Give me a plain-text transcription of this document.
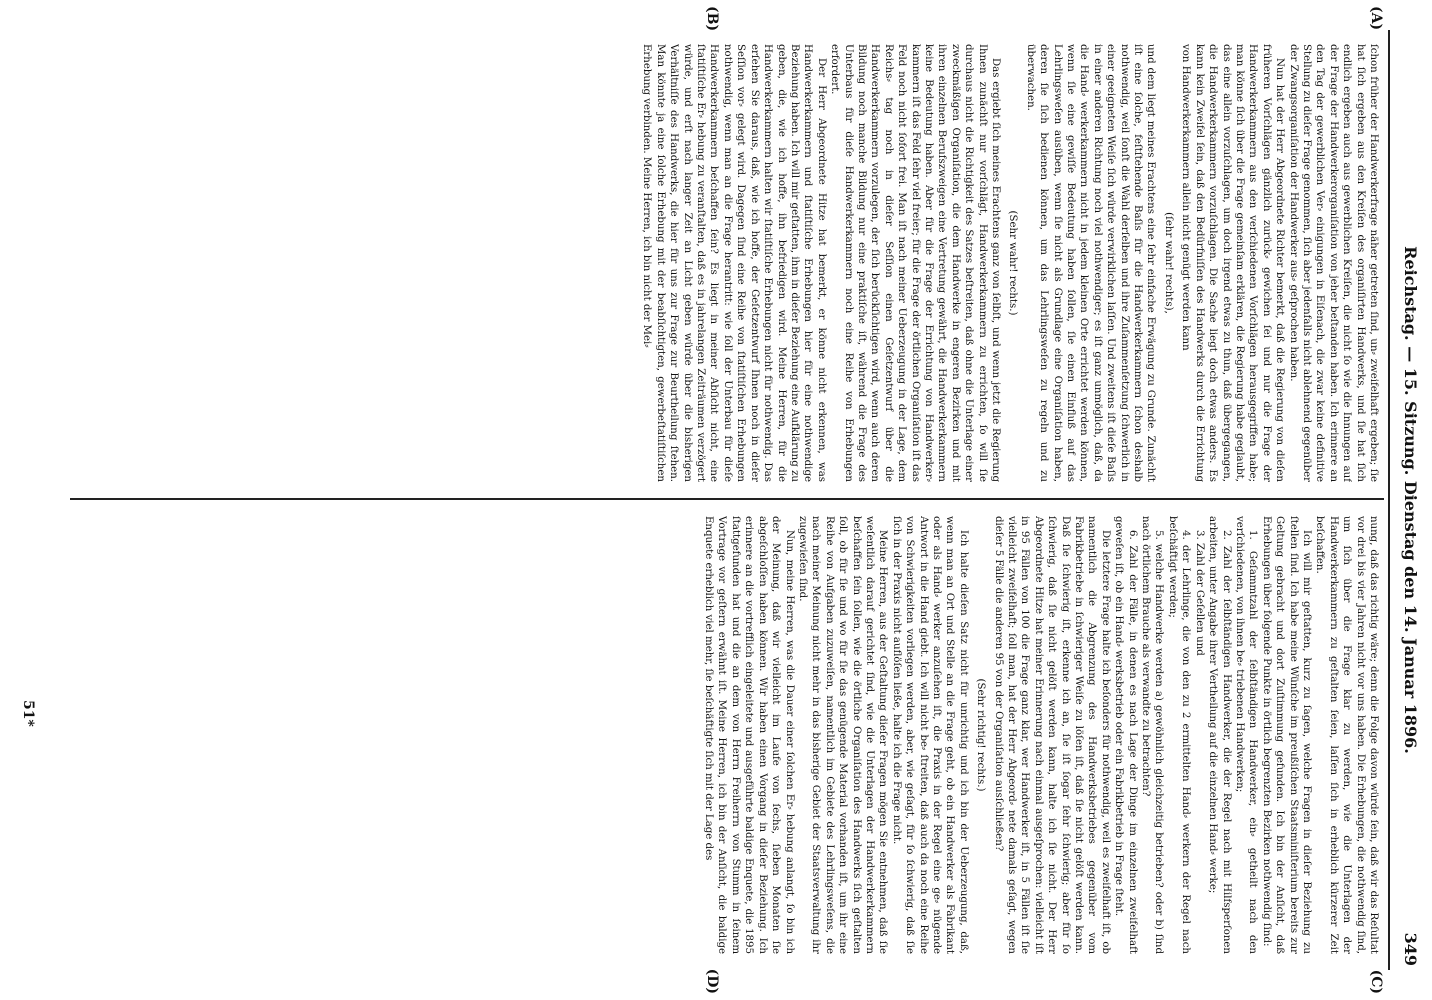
Reichstag. — 15. Sitzung. Dienstag den 14. Januar 1896.
349
(A)
(B)
(C)
(D)

ſchon früher der Handwerkerfrage näher getreten ſind, un⸗ zweifelhaft ergeben; ſie hat ſich ergeben aus den Kreiſen des organiſirten Handwerks, und ſie hat ſich endlich ergeben auch aus gewerblichen Kreiſen, die nicht ſo wie die Innungen auf der Frage der Handwerkerorganiſation von jeher beſtanden haben. Ich erinnere an den Tag der gewerblichen Ver⸗ einigungen in Eiſenach, die zwar keine definitive Stellung zu dieſer Frage genommen, ſich aber jedenfalls nicht ablehnend gegenüber der Zwangsorganiſation der Handwerker aus⸗ geſprochen haben.

Nun hat der Herr Abgeordnete Richter bemerkt, daß die Regierung von dieſen früheren Vorſchlägen gänzlich zurück⸗ gewichen ſei und nur die Frage der Handwerkerkammern aus den verſchiedenen Vorſchlägen herausgegriffen habe; man könne ſich über die Frage gemeinſam erklären, die Regierung habe geglaubt, das eine allein vorzuſchlagen, um doch irgend etwas zu thun, daß übergegangen, die Handwerkerkammern vorzuſchlagen. Die Sache liegt doch etwas anders. Es kann kein Zweifel ſein, daß den Bedürfniſſen des Handwerks durch die Errichtung von Handwerkerkammern allein nicht genügt werden kann

(ſehr wahr! rechts),

und dem liegt meines Erachtens eine ſehr einfache Erwägung zu Grunde. Zunächſt iſt eine ſolche, feſtſtehende Baſis für die Handwerkerkammern ſchon deshalb nothwendig, weil ſonſt die Wahl derſelben und ihre Zuſammenſetzung ſchwerlich in einer geeigneten Weiſe ſich würde verwirklichen laſſen. Und zweitens iſt dieſe Baſis in einer anderen Richtung noch viel nothwendiger; es iſt ganz unmöglich, daß, da die Hand⸗ werkerkammern nicht in jedem kleinen Orte errichtet werden können, wenn ſie eine gewiſſe Bedeutung haben ſollen, ſie einen Einfluß auf das Lehrlingsweſen ausüben, wenn ſie nicht als Grundlage eine Organiſation haben, deren ſie ſich bedienen können, um das Lehrlingsweſen zu regeln und zu überwachen.

(Sehr wahr! rechts.)

Das ergiebt ſich meines Erachtens ganz von ſelbſt, und wenn jetzt die Regierung Ihnen zunächſt nur vorſchlägt, Handwerkerkammern zu errichten, ſo will ſie durchaus nicht die Richtigkeit des Satzes beſtreiten, daß ohne die Unterlage einer zweckmäßigen Organiſation, die dem Handwerke in engeren Bezirken und mit ihren einzelnen Berufszweigen eine Vertretung gewährt, die Handwerkerkammern keine Bedeutung haben. Aber für die Frage der Errichtung von Handwerker⸗ kammern iſt das Feld ſehr viel freier; für die Frage der örtlichen Organiſation iſt das Feld noch nicht ſofort frei. Man iſt nach meiner Ueberzeugung in der Lage, dem Reichs⸗ tag noch in dieſer Seſſion einen Geſetzentwurf über die Handwerkerkammern vorzulegen, der ſich berückſichtigen wird, wenn auch deren Bildung noch manche Bildung nur eine praktiſche iſt, während die Frage des Unterbaus für dieſe Handwerkerkammern noch eine Reihe von Erhebungen erfordert.

Der Herr Abgeordnete Hitze hat bemerkt, er könne nicht erkennen, was Handwerkerkammern und ſtatiſtiſche Erhebungen hier für eine nothwendige Beziehung haben. Ich will mir geſtatten, ihm in dieſer Beziehung eine Aufklärung zu geben, die, wie ich hoffe, ihn befriedigen wird. Meine Herren, für die Handwerkerkammern halten wir ſtatiſtiſche Erhebungen nicht für nothwendig. Das erſehen Sie daraus, daß, wie ich hoffe, der Geſetzentwurf Ihnen noch in dieſer Seſſion vor⸗ gelegt wird. Dagegen ſind eine Reihe von ſtatiſtiſchen Erhebungen nothwendig, wenn man an die Frage herantritt: wie ſoll der Unterbau für dieſe Handwerkerkammern beſchaffen ſein? Es liegt in meiner Abſicht nicht, eine ſtatiſtiſche Er⸗ hebung zu veranſtalten, daß es in jahrelangen Zeiträumen verzögert würde, und erſt nach langer Zeit an Licht geben würde über die bisherigen Verhältniſſe des Handwerks, die hier für uns zur Frage zur Beurtheilung ſtehen. Man könnte ja eine ſolche Erhebung mit der beabſichtigten, gewerbeſtatiſtiſchen Erhebung verbinden. Meine Herren, ich bin nicht der Mei⸗

nung, daß das richtig wäre; denn die Folge davon würde ſein, daß wir das Reſultat vor drei bis vier Jahren nicht vor uns haben. Die Erhebungen, die nothwendig ſind, um ſich über die Frage klar zu werden, wie die Unterlagen der Handwerkerkammern zu geſtalten ſeien, laſſen ſich in erheblich kürzerer Zeit beſchaffen.

Ich will mir geſtatten, kurz zu ſagen, welche Fragen in dieſer Beziehung zu ſtellen ſind. Ich habe meine Wünſche im preußiſchen Staatsminiſterium bereits zur Geltung gebracht und dort Zuſtimmung gefunden. Ich bin der Anſicht, daß Erhebungen über folgende Punkte in örtlich begrenzten Bezirken nothwendig ſind:

1. Geſammtzahl der ſelbſtändigen Handwerker, ein⸗ getheilt nach den verſchiedenen, von ihnen be⸗ triebenen Handwerken;

2. Zahl der ſelbſtändigen Handwerker, die der Regel nach mit Hilfsperſonen arbeiten, unter Angabe ihrer Vertheilung auf die einzelnen Hand⸗ werke;

3. Zahl der Geſellen und

4. der Lehrlinge, die von den zu 2 ermittelten Hand⸗ werkern der Regel nach beſchäftigt werden;

5. welche Handwerke werden a) gewöhnlich gleichzeitig betrieben? oder b) ſind nach örtlichem Brauche als verwandte zu betrachten?

6. Zahl der Fälle, in denen es nach Lage der Dinge im einzelnen zweifelhaft geweſen iſt, ob ein Hand⸗ werksbetrieb oder ein Fabrikbetrieb in Frage ſteht.

Die letztere Frage halte ich beſonders für nothwendig, weil es zweifelhaft iſt, ob namentlich die Abgrenzung des Handwerksbetriebes gegenüber vom Fabrikbetriebe in ſchwieriger Weiſe zu löſen iſt, daß ſie nicht gelöſt werden kann. Daß ſie ſchwierig iſt, erkenne ich an, ſie iſt ſogar ſehr ſchwierig; aber für ſo ſchwierig, daß ſie nicht gelöſt werden kann, halte ich ſie nicht. Der Herr Abgeordnete Hitze hat meiner Erinnerung nach einmal ausgeſprochen: vielleicht iſt in 95 Fällen von 100 die Frage ganz klar, wer Handwerker iſt, in 5 Fällen iſt ſie vielleicht zweifelhaft; ſoll man, hat der Herr Abgeord⸗ nete damals geſagt, wegen dieſer 5 Fälle die anderen 95 von der Organiſation ausſchließen?

(Sehr richtig! rechts.)

Ich halte dieſen Satz nicht für unrichtig und ich bin der Ueberzeugung, daß, wenn man an Ort und Stelle an die Frage geht, ob ein Handwerker als Fabrikant oder als Hand⸗ werker anzuſehen iſt, die Praxis in der Regel eine ge⸗ nügende Antwort in die Hand giebt. Ich will nicht be⸗ ſtreiten, daß auch da noch eine Reihe von Schwierigkeiten vorliegen werden, aber, wie geſagt, für ſo ſchwierig, daß ſie ſich in der Praxis nicht auflöſen ließe, halte ich die Frage nicht.

Meine Herren, aus der Geſtaltung dieſer Fragen mögen Sie entnehmen, daß ſie weſentlich darauf gerichtet ſind, wie die Unterlagen der Handwerkerkammern beſchaffen ſein ſollen, wie die örtliche Organiſation des Handwerks ſich geſtalten ſoll, ob für ſie und wo für ſie das genügende Material vorhanden iſt, um ihr eine Reihe von Aufgaben zuzuweiſen, namentlich im Gebiete des Lehrlingsweſens, die nach meiner Meinung nicht mehr in das bisherige Gebiet der Staatsverwaltung ihr zugewieſen ſind.

Nun, meine Herren, was die Dauer einer ſolchen Er⸗ hebung anlangt, ſo bin ich der Meinung, daß wir vielleicht im Laufe von ſechs, ſieben Monaten ſie abgeſchloſſen haben können. Wir haben einen Vorgang in dieſer Beziehung. Ich erinnere an die vortrefflich eingeleitete und ausgeführte baldige Enquete, die 1895 ſtattgefunden hat und die an dem von Herrn Freiherrn von Stumm in ſeinem Vortrage vor geſtern erwähnt iſt. Meine Herren, ich bin der Anſicht, die baldige Enquete erheblich viel mehr, ſie beſchäftigte ſich mit der Lage des

51*
